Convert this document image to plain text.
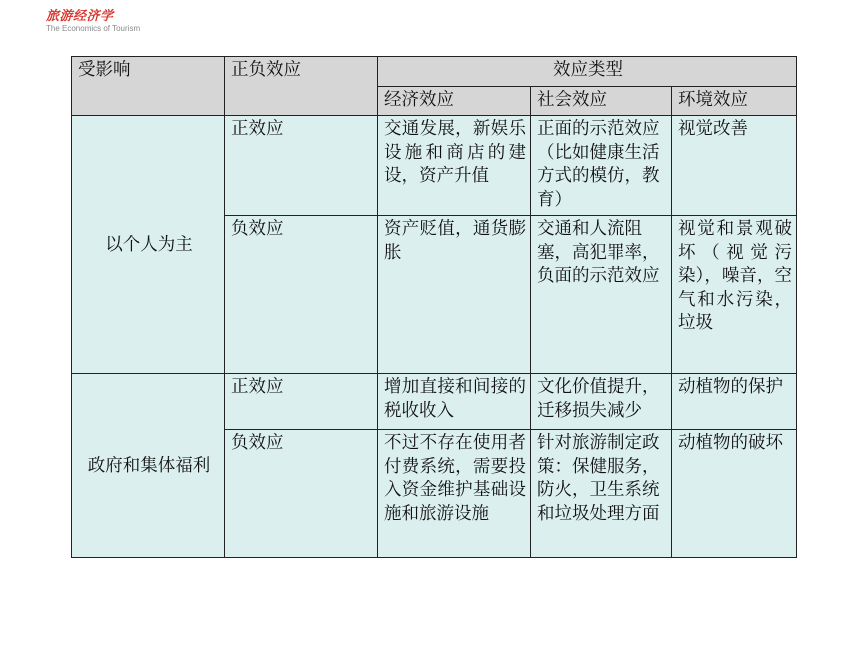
旅游经济学
The Economics of Tourism
受影响	正负效应	效应类型		
		经济效应	社会效应	环境效应
以个人为主	正效应	交通发展，新娱乐设施和商店的建设，资产升值	正面的示范效应（比如健康生活方式的模仿，教育）	视觉改善
	负效应	资产贬值，通货膨胀	交通和人流阻塞，高犯罪率，负面的示范效应	视觉和景观破坏（视觉污染），噪音，空气和水污染，垃圾
政府和集体福利	正效应	增加直接和间接的税收收入	文化价值提升，迁移损失减少	动植物的保护
	负效应	不过不存在使用者付费系统，需要投入资金维护基础设施和旅游设施	针对旅游制定政策：保健服务，防火，卫生系统和垃圾处理方面	动植物的破坏
